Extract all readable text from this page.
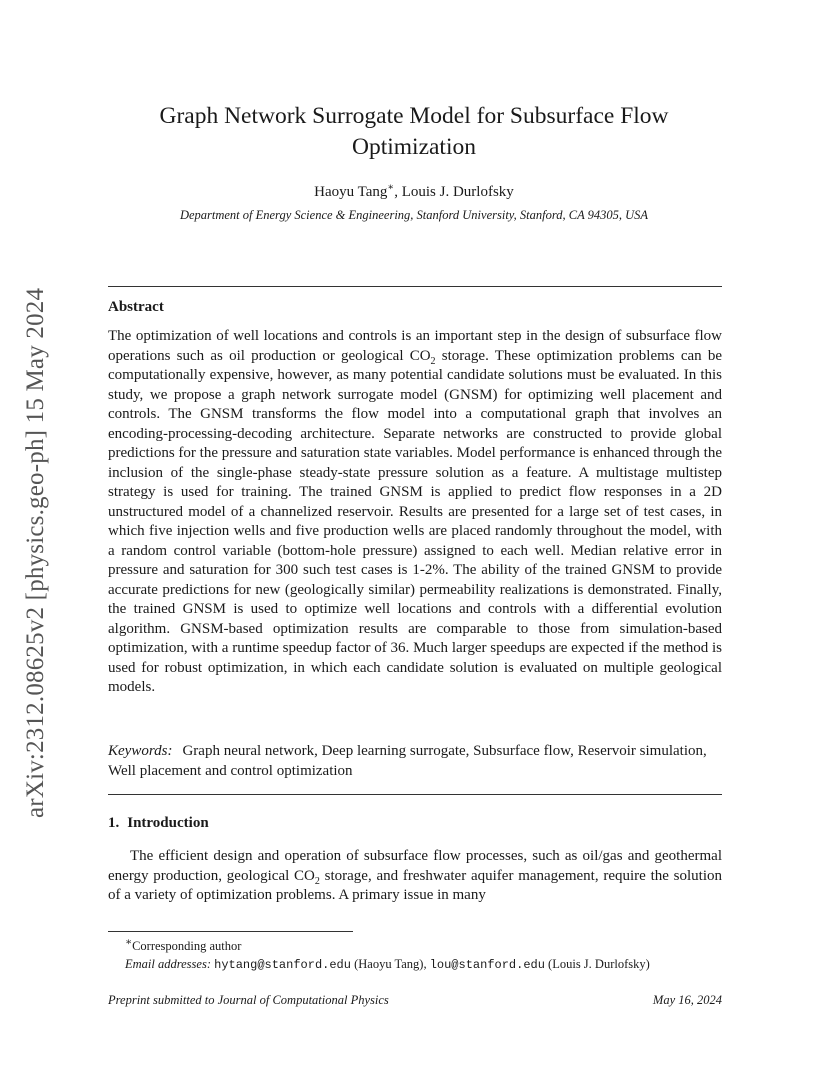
arXiv:2312.08625v2 [physics.geo-ph] 15 May 2024
Graph Network Surrogate Model for Subsurface Flow
Optimization
Haoyu Tang∗, Louis J. Durlofsky
Department of Energy Science & Engineering, Stanford University, Stanford, CA 94305, USA
Abstract
The optimization of well locations and controls is an important step in the design of subsurface flow operations such as oil production or geological $CO_2$ storage. These optimization problems can be computationally expensive, however, as many potential candidate solutions must be evaluated. In this study, we propose a graph network surrogate model (GNSM) for optimizing well placement and controls. The GNSM transforms the flow model into a computational graph that involves an encoding-processing-decoding architecture. Separate networks are constructed to provide global predictions for the pressure and saturation state variables. Model performance is enhanced through the inclusion of the single-phase steady-state pressure solution as a feature. A multistage multistep strategy is used for training. The trained GNSM is applied to predict flow responses in a 2D unstructured model of a channelized reservoir. Results are presented for a large set of test cases, in which five injection wells and five production wells are placed randomly throughout the model, with a random control variable (bottom-hole pressure) assigned to each well. Median relative error in pressure and saturation for 300 such test cases is 1-2%. The ability of the trained GNSM to provide accurate predictions for new (geologically similar) permeability realizations is demonstrated. Finally, the trained GNSM is used to optimize well locations and controls with a differential evolution algorithm. GNSM-based optimization results are comparable to those from simulation-based optimization, with a runtime speedup factor of 36. Much larger speedups are expected if the method is used for robust optimization, in which each candidate solution is evaluated on multiple geological models.
Keywords: Graph neural network, Deep learning surrogate, Subsurface flow, Reservoir simulation, Well placement and control optimization
1. Introduction
The efficient design and operation of subsurface flow processes, such as oil/gas and geothermal energy production, geological $CO_2$ storage, and freshwater aquifer management, require the solution of a variety of optimization problems. A primary issue in many
∗Corresponding author
Email addresses: hytang@stanford.edu (Haoyu Tang), lou@stanford.edu (Louis J. Durlofsky)
Preprint submitted to Journal of Computational Physics	May 16, 2024
